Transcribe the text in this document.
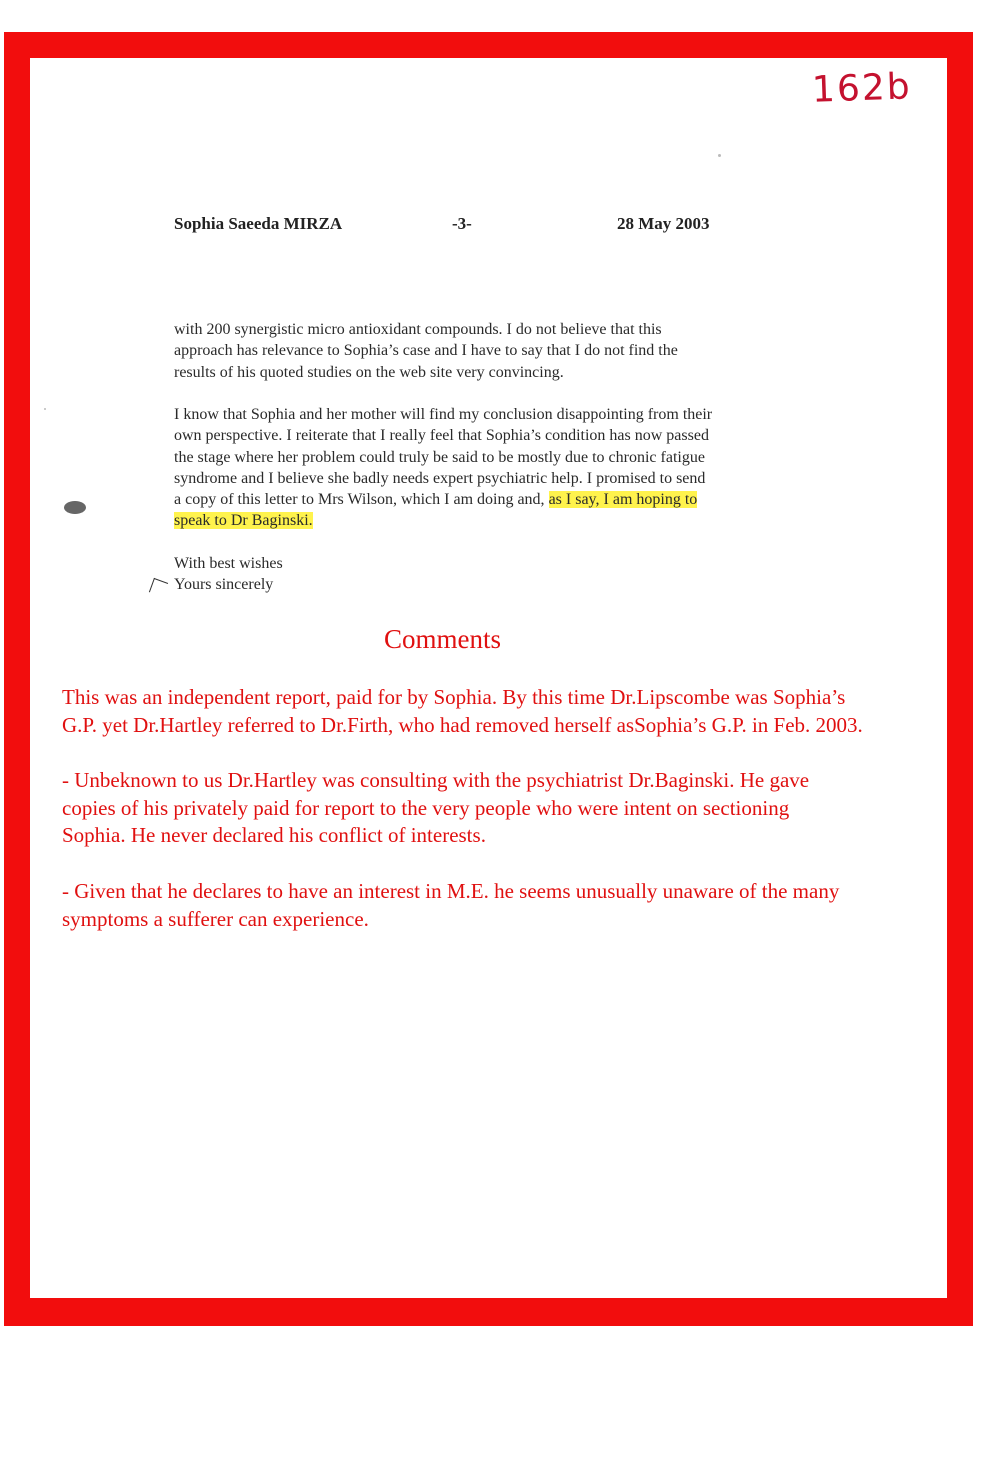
162b
Sophia Saeeda MIRZA	-3-	28 May 2003
with 200 synergistic micro antioxidant compounds. I do not believe that this
approach has relevance to Sophia’s case and I have to say that I do not find the
results of his quoted studies on the web site very convincing.
I know that Sophia and her mother will find my conclusion disappointing from their
own perspective. I reiterate that I really feel that Sophia’s condition has now passed
the stage where her problem could truly be said to be mostly due to chronic fatigue
syndrome and I believe she badly needs expert psychiatric help. I promised to send
a copy of this letter to Mrs Wilson, which I am doing and, as I say, I am hoping to
speak to Dr Baginski.
With best wishes
Yours sincerely
Comments
This was an independent report, paid for by Sophia. By this time Dr.Lipscombe was Sophia’s
G.P. yet Dr.Hartley referred to Dr.Firth, who had removed herself asSophia’s G.P. in Feb. 2003.
- Unbeknown to us Dr.Hartley was consulting with the psychiatrist Dr.Baginski. He gave
copies of his privately paid for report to the very people who were intent on sectioning
Sophia. He never declared his conflict of interests.
- Given that he declares to have an interest in M.E. he seems unusually unaware of the many
symptoms a sufferer can experience.
